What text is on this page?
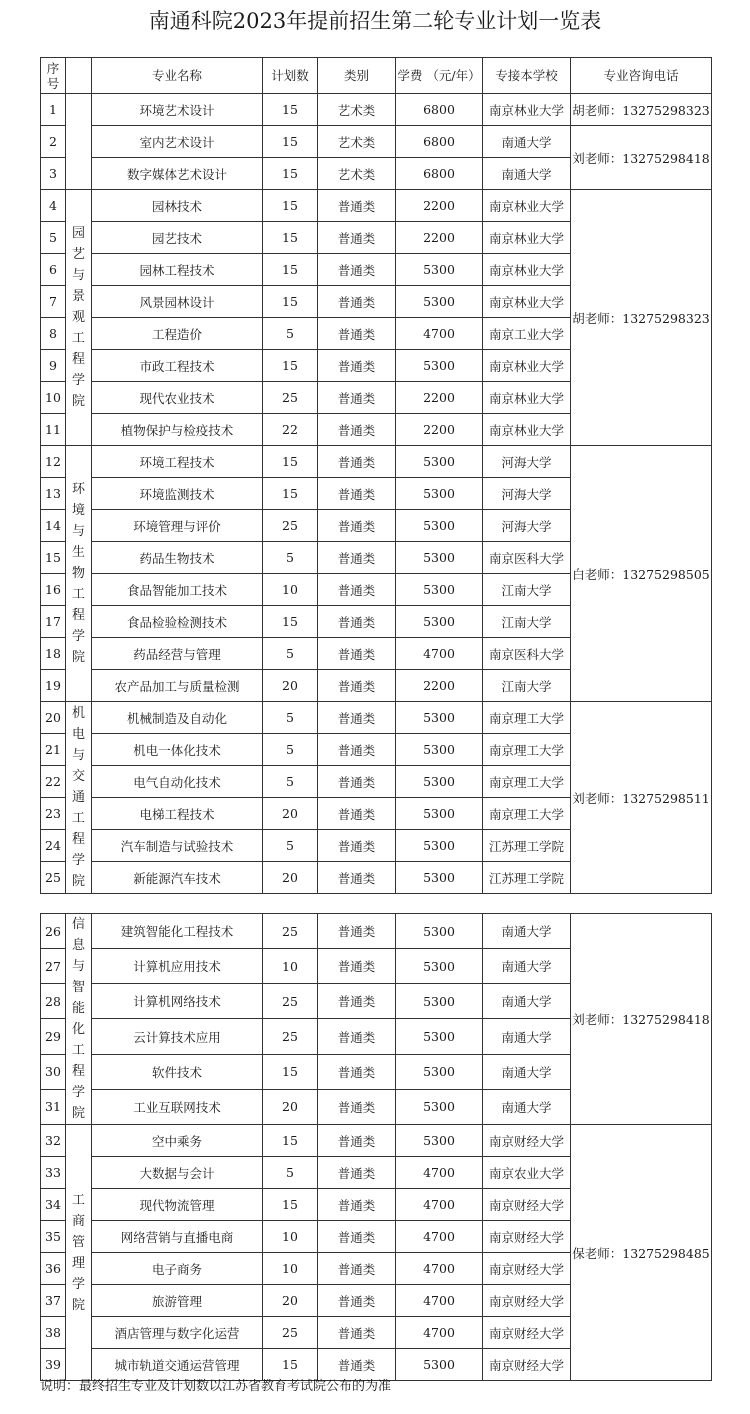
南通科院2023年提前招生第二轮专业计划一览表
序号		专业名称	计划数	类别	学费 （元/年）	专接本学校	专业咨询电话
1		环境艺术设计	15	艺术类	6800	南京林业大学	胡老师：13275298323
2		室内艺术设计	15	艺术类	6800	南通大学	刘老师：13275298418
3		数字媒体艺术设计	15	艺术类	6800	南通大学	
4	园艺与景观工程学院	园林技术	15	普通类	2200	南京林业大学	胡老师：13275298323
5		园艺技术	15	普通类	2200	南京林业大学	
6		园林工程技术	15	普通类	5300	南京林业大学	
7		风景园林设计	15	普通类	5300	南京林业大学	
8		工程造价	5	普通类	4700	南京工业大学	
9		市政工程技术	15	普通类	5300	南京林业大学	
10		现代农业技术	25	普通类	2200	南京林业大学	
11		植物保护与检疫技术	22	普通类	2200	南京林业大学	
12	环境与生物工程学院	环境工程技术	15	普通类	5300	河海大学	白老师：13275298505
13		环境监测技术	15	普通类	5300	河海大学	
14		环境管理与评价	25	普通类	5300	河海大学	
15		药品生物技术	5	普通类	5300	南京医科大学	
16		食品智能加工技术	10	普通类	5300	江南大学	
17		食品检验检测技术	15	普通类	5300	江南大学	
18		药品经营与管理	5	普通类	4700	南京医科大学	
19		农产品加工与质量检测	20	普通类	2200	江南大学	
20	机电与交通工程学院	机械制造及自动化	5	普通类	5300	南京理工大学	刘老师：13275298511
21		机电一体化技术	5	普通类	5300	南京理工大学	
22		电气自动化技术	5	普通类	5300	南京理工大学	
23		电梯工程技术	20	普通类	5300	南京理工大学	
24		汽车制造与试验技术	5	普通类	5300	江苏理工学院	
25		新能源汽车技术	20	普通类	5300	江苏理工学院	
26	信息与智能化工程学院	建筑智能化工程技术	25	普通类	5300	南通大学	刘老师：13275298418
27		计算机应用技术	10	普通类	5300	南通大学	
28		计算机网络技术	25	普通类	5300	南通大学	
29		云计算技术应用	25	普通类	5300	南通大学	
30		软件技术	15	普通类	5300	南通大学	
31		工业互联网技术	20	普通类	5300	南通大学	
32	工商管理学院	空中乘务	15	普通类	5300	南京财经大学	保老师：13275298485
33		大数据与会计	5	普通类	4700	南京农业大学	
34		现代物流管理	15	普通类	4700	南京财经大学	
35		网络营销与直播电商	10	普通类	4700	南京财经大学	
36		电子商务	10	普通类	4700	南京财经大学	
37		旅游管理	20	普通类	4700	南京财经大学	
38		酒店管理与数字化运营	25	普通类	4700	南京财经大学	
39		城市轨道交通运营管理	15	普通类	5300	南京财经大学	
说明：最终招生专业及计划数以江苏省教育考试院公布的为准
